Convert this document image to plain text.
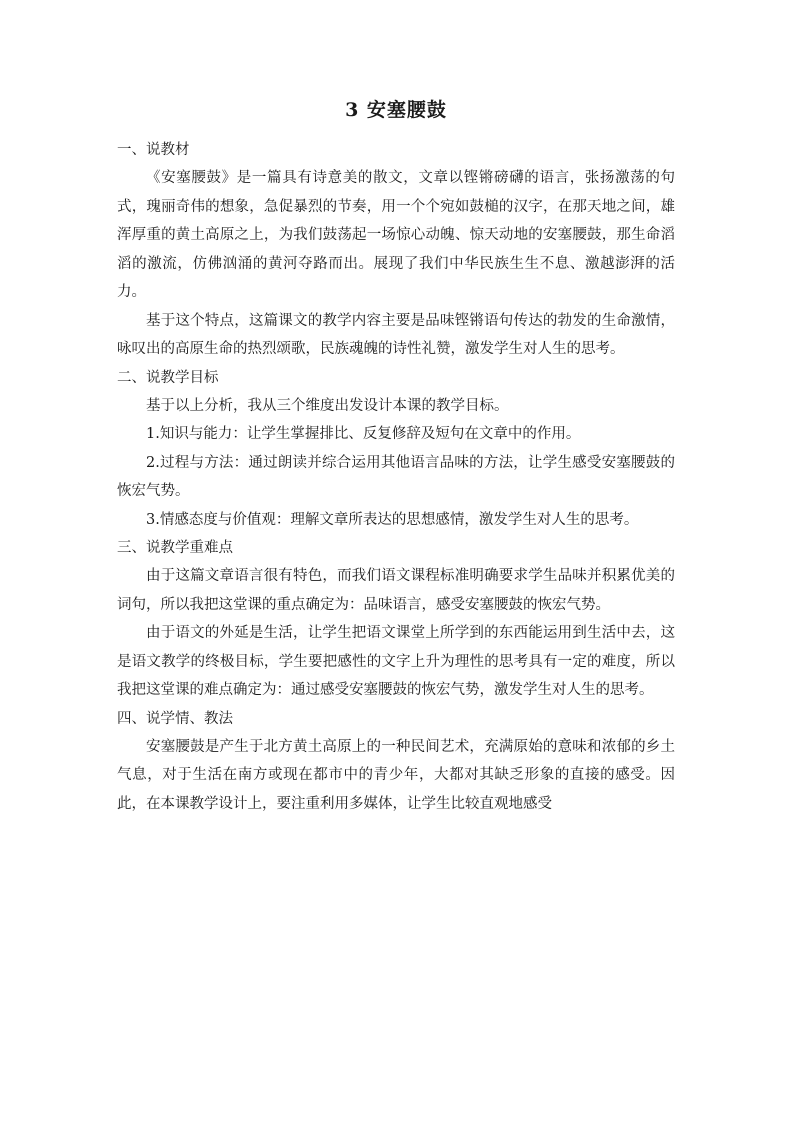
3 安塞腰鼓

一、说教材

《安塞腰鼓》是一篇具有诗意美的散文，文章以铿锵磅礴的语言，张扬激荡的句式，瑰丽奇伟的想象，急促暴烈的节奏，用一个个宛如鼓槌的汉字，在那天地之间，雄浑厚重的黄土高原之上，为我们鼓荡起一场惊心动魄、惊天动地的安塞腰鼓，那生命滔滔的激流，仿佛汹涌的黄河夺路而出。展现了我们中华民族生生不息、激越澎湃的活力。

基于这个特点，这篇课文的教学内容主要是品味铿锵语句传达的勃发的生命激情，咏叹出的高原生命的热烈颂歌，民族魂魄的诗性礼赞，激发学生对人生的思考。

二、说教学目标

基于以上分析，我从三个维度出发设计本课的教学目标。

1.知识与能力：让学生掌握排比、反复修辞及短句在文章中的作用。

2.过程与方法：通过朗读并综合运用其他语言品味的方法，让学生感受安塞腰鼓的恢宏气势。

3.情感态度与价值观：理解文章所表达的思想感情，激发学生对人生的思考。

三、说教学重难点

由于这篇文章语言很有特色，而我们语文课程标准明确要求学生品味并积累优美的词句，所以我把这堂课的重点确定为：品味语言，感受安塞腰鼓的恢宏气势。

由于语文的外延是生活，让学生把语文课堂上所学到的东西能运用到生活中去，这是语文教学的终极目标，学生要把感性的文字上升为理性的思考具有一定的难度，所以我把这堂课的难点确定为：通过感受安塞腰鼓的恢宏气势，激发学生对人生的思考。

四、说学情、教法

安塞腰鼓是产生于北方黄土高原上的一种民间艺术，充满原始的意味和浓郁的乡土气息，对于生活在南方或现在都市中的青少年，大都对其缺乏形象的直接的感受。因此，在本课教学设计上，要注重利用多媒体，让学生比较直观地感受
